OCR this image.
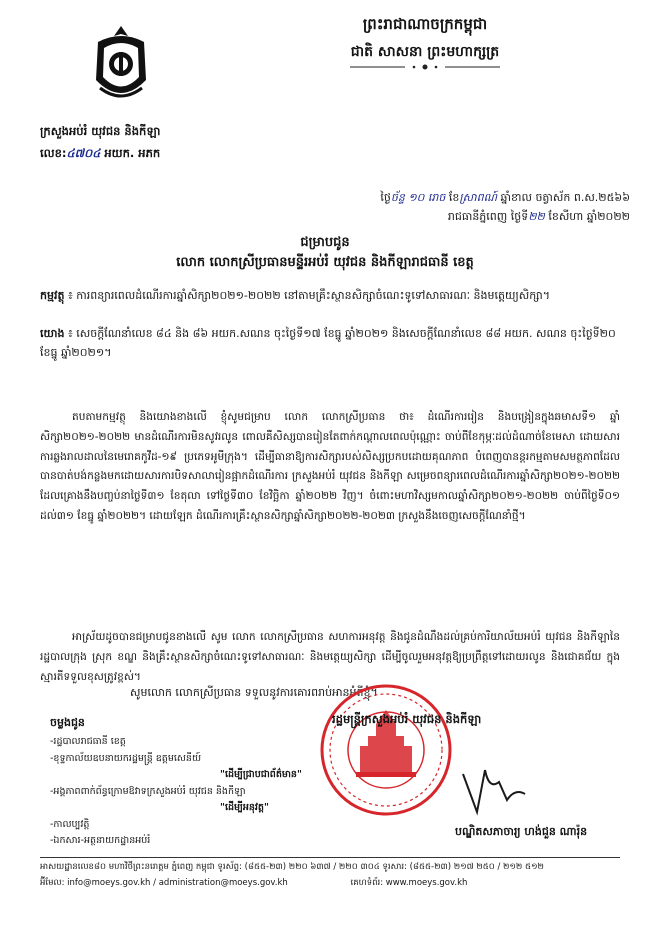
ព្រះរាជាណាចក្រកម្ពុជា
ជាតិ សាសនា ព្រះមហាក្សត្រ
ក្រសួងអប់រំ យុវជន និងកីឡា
លេខ:៤៧០៤ អយក. អភក
ថ្ងៃច័ន្ទ ១០ រោច ខែស្រាពណ៍ ឆ្នាំខាល ចត្វាស័ក ព.ស.២៥៦៦
រាជធានីភ្នំពេញ ថ្ងៃទី២២ ខែសីហា ឆ្នាំ២០២២
ជម្រាបជូន
លោក លោកស្រីប្រធានមន្ទីរអប់រំ យុវជន និងកីឡារាជធានី ខេត្ត
កម្មវត្ថុ ៖ ការពន្យារពេលដំណើរការឆ្នាំសិក្សា២០២១-២០២២ នៅតាមគ្រឹះស្ថានសិក្សាចំណេះទូទៅសាធារណៈ និងមត្តេយ្យសិក្សា។
យោង ៖ សេចក្តីណែនាំលេខ ៨៤ និង ៨៦ អយក.សណន ចុះថ្ងៃទី១៧ ខែធ្នូ ឆ្នាំ២០២១ និងសេចក្តីណែនាំលេខ ៨៨ អយក. សណន ចុះថ្ងៃទី២០ ខែធ្នូ ឆ្នាំ២០២១។
តបតាមកម្មវត្ថុ និងយោងខាងលើ ខ្ញុំសូមជម្រាប លោក លោកស្រីប្រធាន ថា៖ ដំណើរការរៀន និងបង្រៀនក្នុងឆមាសទី១ ឆ្នាំសិក្សា២០២១-២០២២ មានដំណើរការមិនសូវរលូន ពោលគឺសិស្សបានរៀនតែពាក់កណ្តាលពេលប៉ុណ្ណោះ ចាប់ពីខែកុម្ភៈដល់ដំណាច់ខែមេសា ដោយសារការឆ្លងរាលដាលនៃមេរោគកូវីដ-១៩ ប្រភេទអូមីក្រុង។ ដើម្បីធានាឱ្យការសិក្សារបស់សិស្សប្រកបដោយគុណភាព បំពេញបានន្តរកម្មតាមសមត្ថភាពដែលបានបាត់បង់កន្លងមកដោយសារការបិទសាលារៀនផ្អាកដំណើរការ ក្រសួងអប់រំ យុវជន និងកីឡា សម្រេចពន្យារពេលដំណើរការឆ្នាំសិក្សា២០២១-២០២២ ដែលគ្រោងនឹងបញ្ចប់នាថ្ងៃទី៣១ ខែតុលា ទៅថ្ងៃទី៣០ ខែវិច្ឆិកា ឆ្នាំ២០២២ វិញ។ ចំពោះមហាវិស្សមកាលឆ្នាំសិក្សា២០២១-២០២២ ចាប់ពីថ្ងៃទី០១ ដល់៣១ ខែធ្នូ ឆ្នាំ២០២២។ ដោយឡែក ដំណើរការគ្រឹះស្ថានសិក្សាឆ្នាំសិក្សា២០២២-២០២៣ ក្រសួងនឹងចេញសេចក្តីណែនាំថ្មី។
អាស្រ័យដូចបានជម្រាបជូនខាងលើ សូម លោក លោកស្រីប្រធាន សហការអនុវត្ត និងជូនដំណឹងដល់គ្រប់ការិយាល័យអប់រំ យុវជន និងកីឡានៃរដ្ឋបាលក្រុង ស្រុក ខណ្ឌ និងគ្រឹះស្ថានសិក្សាចំណេះទូទៅសាធារណៈ និងមត្តេយ្យសិក្សា ដើម្បីចូលរួមអនុវត្តឱ្យប្រព្រឹត្តទៅដោយរលូន និងជោគជ័យ ក្នុងស្មារតីទទួលខុសត្រូវខ្ពស់។
សូមលោក លោកស្រីប្រធាន ទទួលនូវការគោរពរាប់អានអំពីខ្ញុំ។
ចម្លងជូន
-រដ្ឋបាលរាជធានី ខេត្ត
-ខុទ្ទកាល័យឧបនាយករដ្ឋមន្ត្រី ឧត្តមសេនីយ៍
"ដើម្បីជ្រាបជាព័ត៌មាន"
-អង្គភាពពាក់ព័ន្ធក្រោមឱវាទក្រសួងអប់រំ យុវជន និងកីឡា
"ដើម្បីអនុវត្ត"
-កាលប្បវត្តិ
-ឯកសារ-អត្ថនាយកដ្ឋានអប់រំ
រដ្ឋមន្ត្រីក្រសួងអប់រំ យុវជន និងកីឡា
បណ្ឌិតសភាចារ្យ ហង់ជួន ណារ៉ុន
អាសយដ្ឋានលេខ៨០ មហាវិថីព្រះនរោត្តម ភ្នំពេញ កម្ពុជា ទូរស័ព្ទ: (៨៥៥-២៣) ២២០ ៦៣៧ / ២២០ ៣០៤ ទូរសារ: (៨៥៥-២៣) ២១៧ ២៥០ / ២១២ ៥១២
អ៊ីមែល: info@moeys.gov.kh / administration@moeys.gov.kh	គេហទំព័រ: www.moeys.gov.kh
